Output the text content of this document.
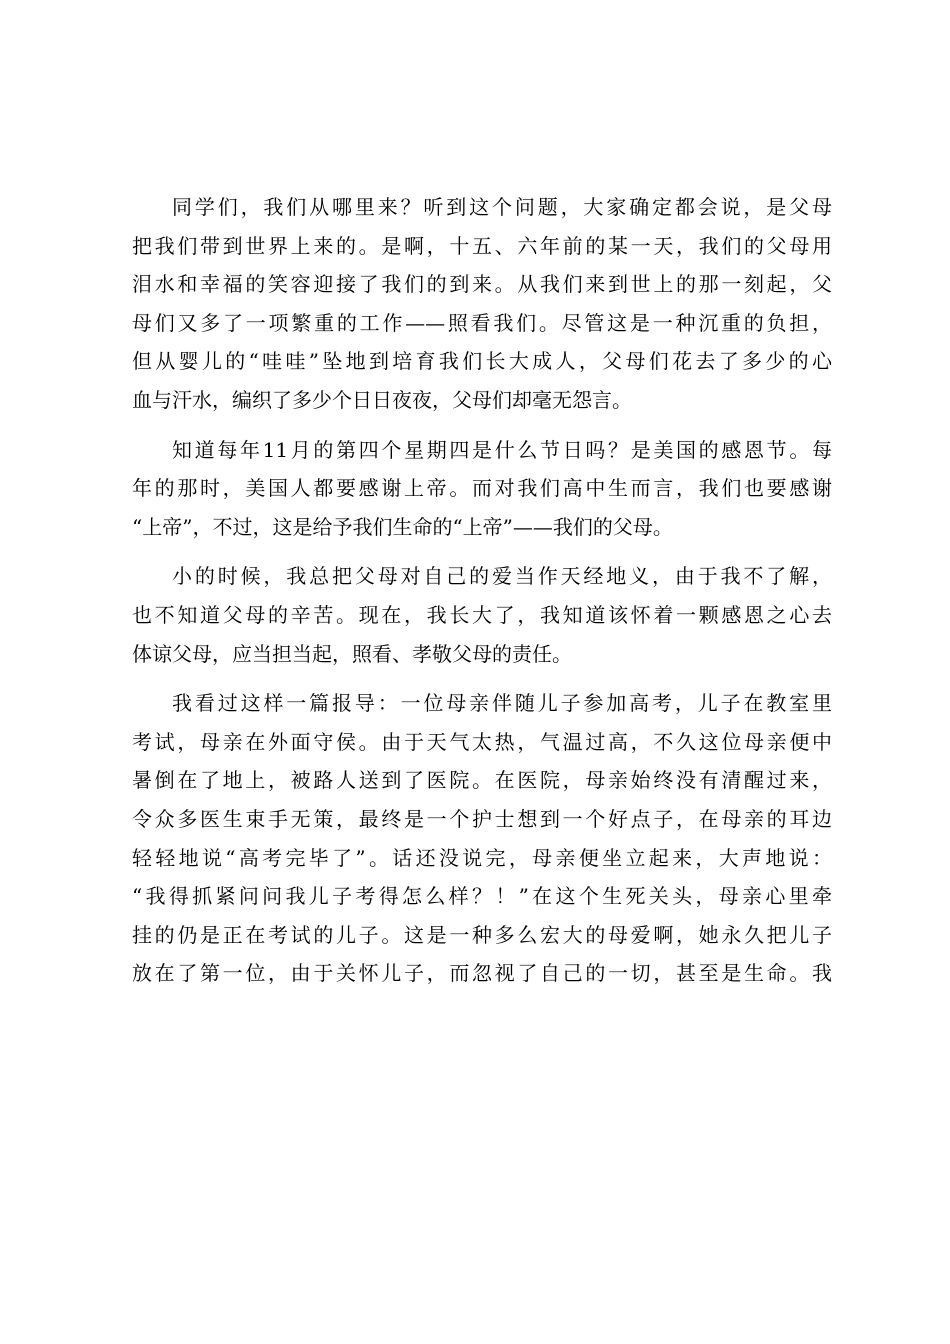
同学们，我们从哪里来？听到这个问题，大家确定都会说，是父母
把我们带到世界上来的。是啊，十五、六年前的某一天，我们的父母用
泪水和幸福的笑容迎接了我们的到来。从我们来到世上的那一刻起，父
母们又多了一项繁重的工作——照看我们。尽管这是一种沉重的负担，
但从婴儿的“哇哇”坠地到培育我们长大成人，父母们花去了多少的心
血与汗水，编织了多少个日日夜夜，父母们却毫无怨言。
知道每年11月的第四个星期四是什么节日吗？是美国的感恩节。每
年的那时，美国人都要感谢上帝。而对我们高中生而言，我们也要感谢
“上帝”，不过，这是给予我们生命的“上帝”——我们的父母。
小的时候，我总把父母对自己的爱当作天经地义，由于我不了解，
也不知道父母的辛苦。现在，我长大了，我知道该怀着一颗感恩之心去
体谅父母，应当担当起，照看、孝敬父母的责任。
我看过这样一篇报导：一位母亲伴随儿子参加高考，儿子在教室里
考试，母亲在外面守侯。由于天气太热，气温过高，不久这位母亲便中
暑倒在了地上，被路人送到了医院。在医院，母亲始终没有清醒过来，
令众多医生束手无策，最终是一个护士想到一个好点子，在母亲的耳边
轻轻地说“高考完毕了”。话还没说完，母亲便坐立起来，大声地说：
“我得抓紧问问我儿子考得怎么样？！”在这个生死关头，母亲心里牵
挂的仍是正在考试的儿子。这是一种多么宏大的母爱啊，她永久把儿子
放在了第一位，由于关怀儿子，而忽视了自己的一切，甚至是生命。我
